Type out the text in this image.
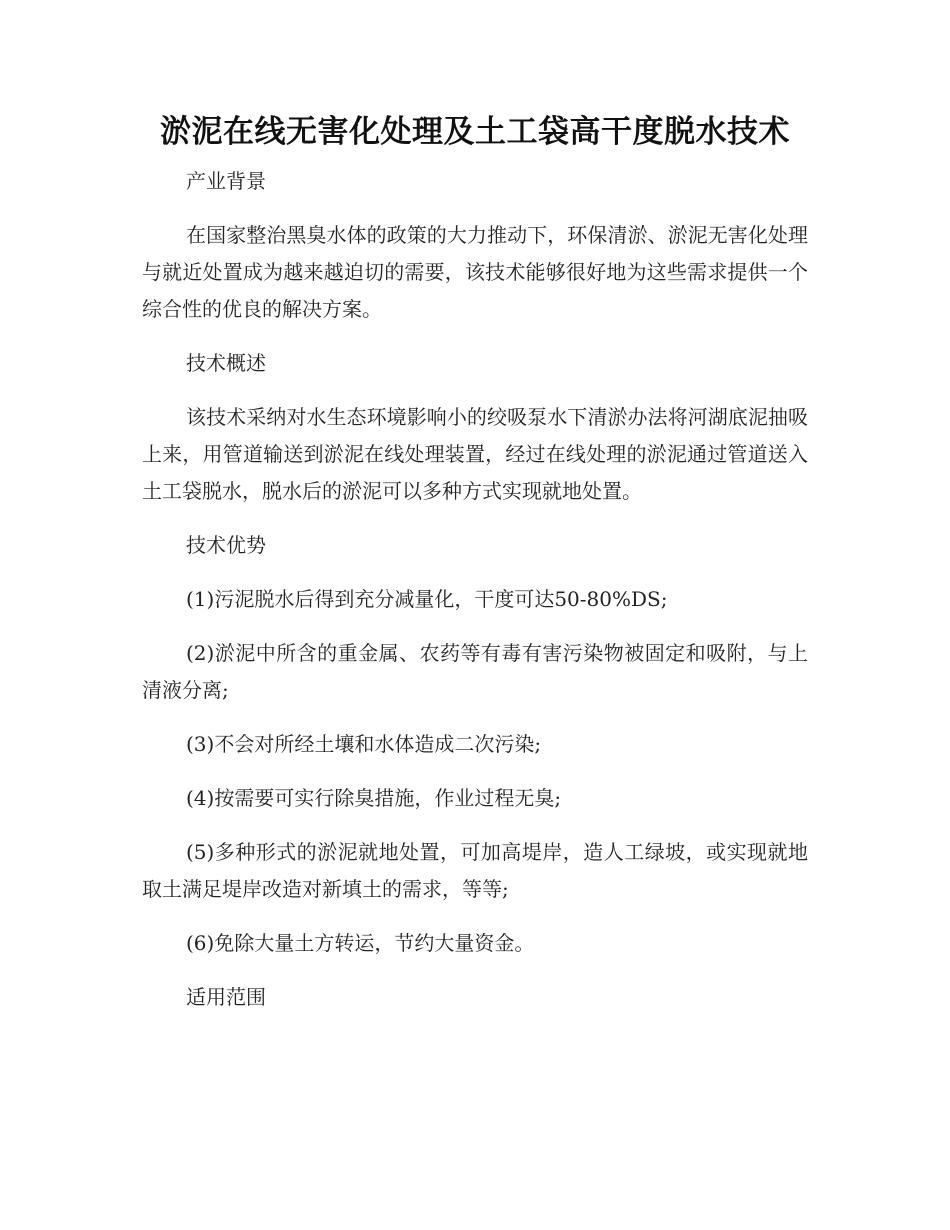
淤泥在线无害化处理及土工袋高干度脱水技术

产业背景

在国家整治黑臭水体的政策的大力推动下，环保清淤、淤泥无害化处理与就近处置成为越来越迫切的需要，该技术能够很好地为这些需求提供一个综合性的优良的解决方案。

技术概述

该技术采纳对水生态环境影响小的绞吸泵水下清淤办法将河湖底泥抽吸上来，用管道输送到淤泥在线处理装置，经过在线处理的淤泥通过管道送入土工袋脱水，脱水后的淤泥可以多种方式实现就地处置。

技术优势

(1)污泥脱水后得到充分减量化，干度可达50-80%DS;

(2)淤泥中所含的重金属、农药等有毒有害污染物被固定和吸附，与上清液分离;

(3)不会对所经土壤和水体造成二次污染;

(4)按需要可实行除臭措施，作业过程无臭;

(5)多种形式的淤泥就地处置，可加高堤岸，造人工绿坡，或实现就地取土满足堤岸改造对新填土的需求，等等;

(6)免除大量土方转运，节约大量资金。

适用范围
